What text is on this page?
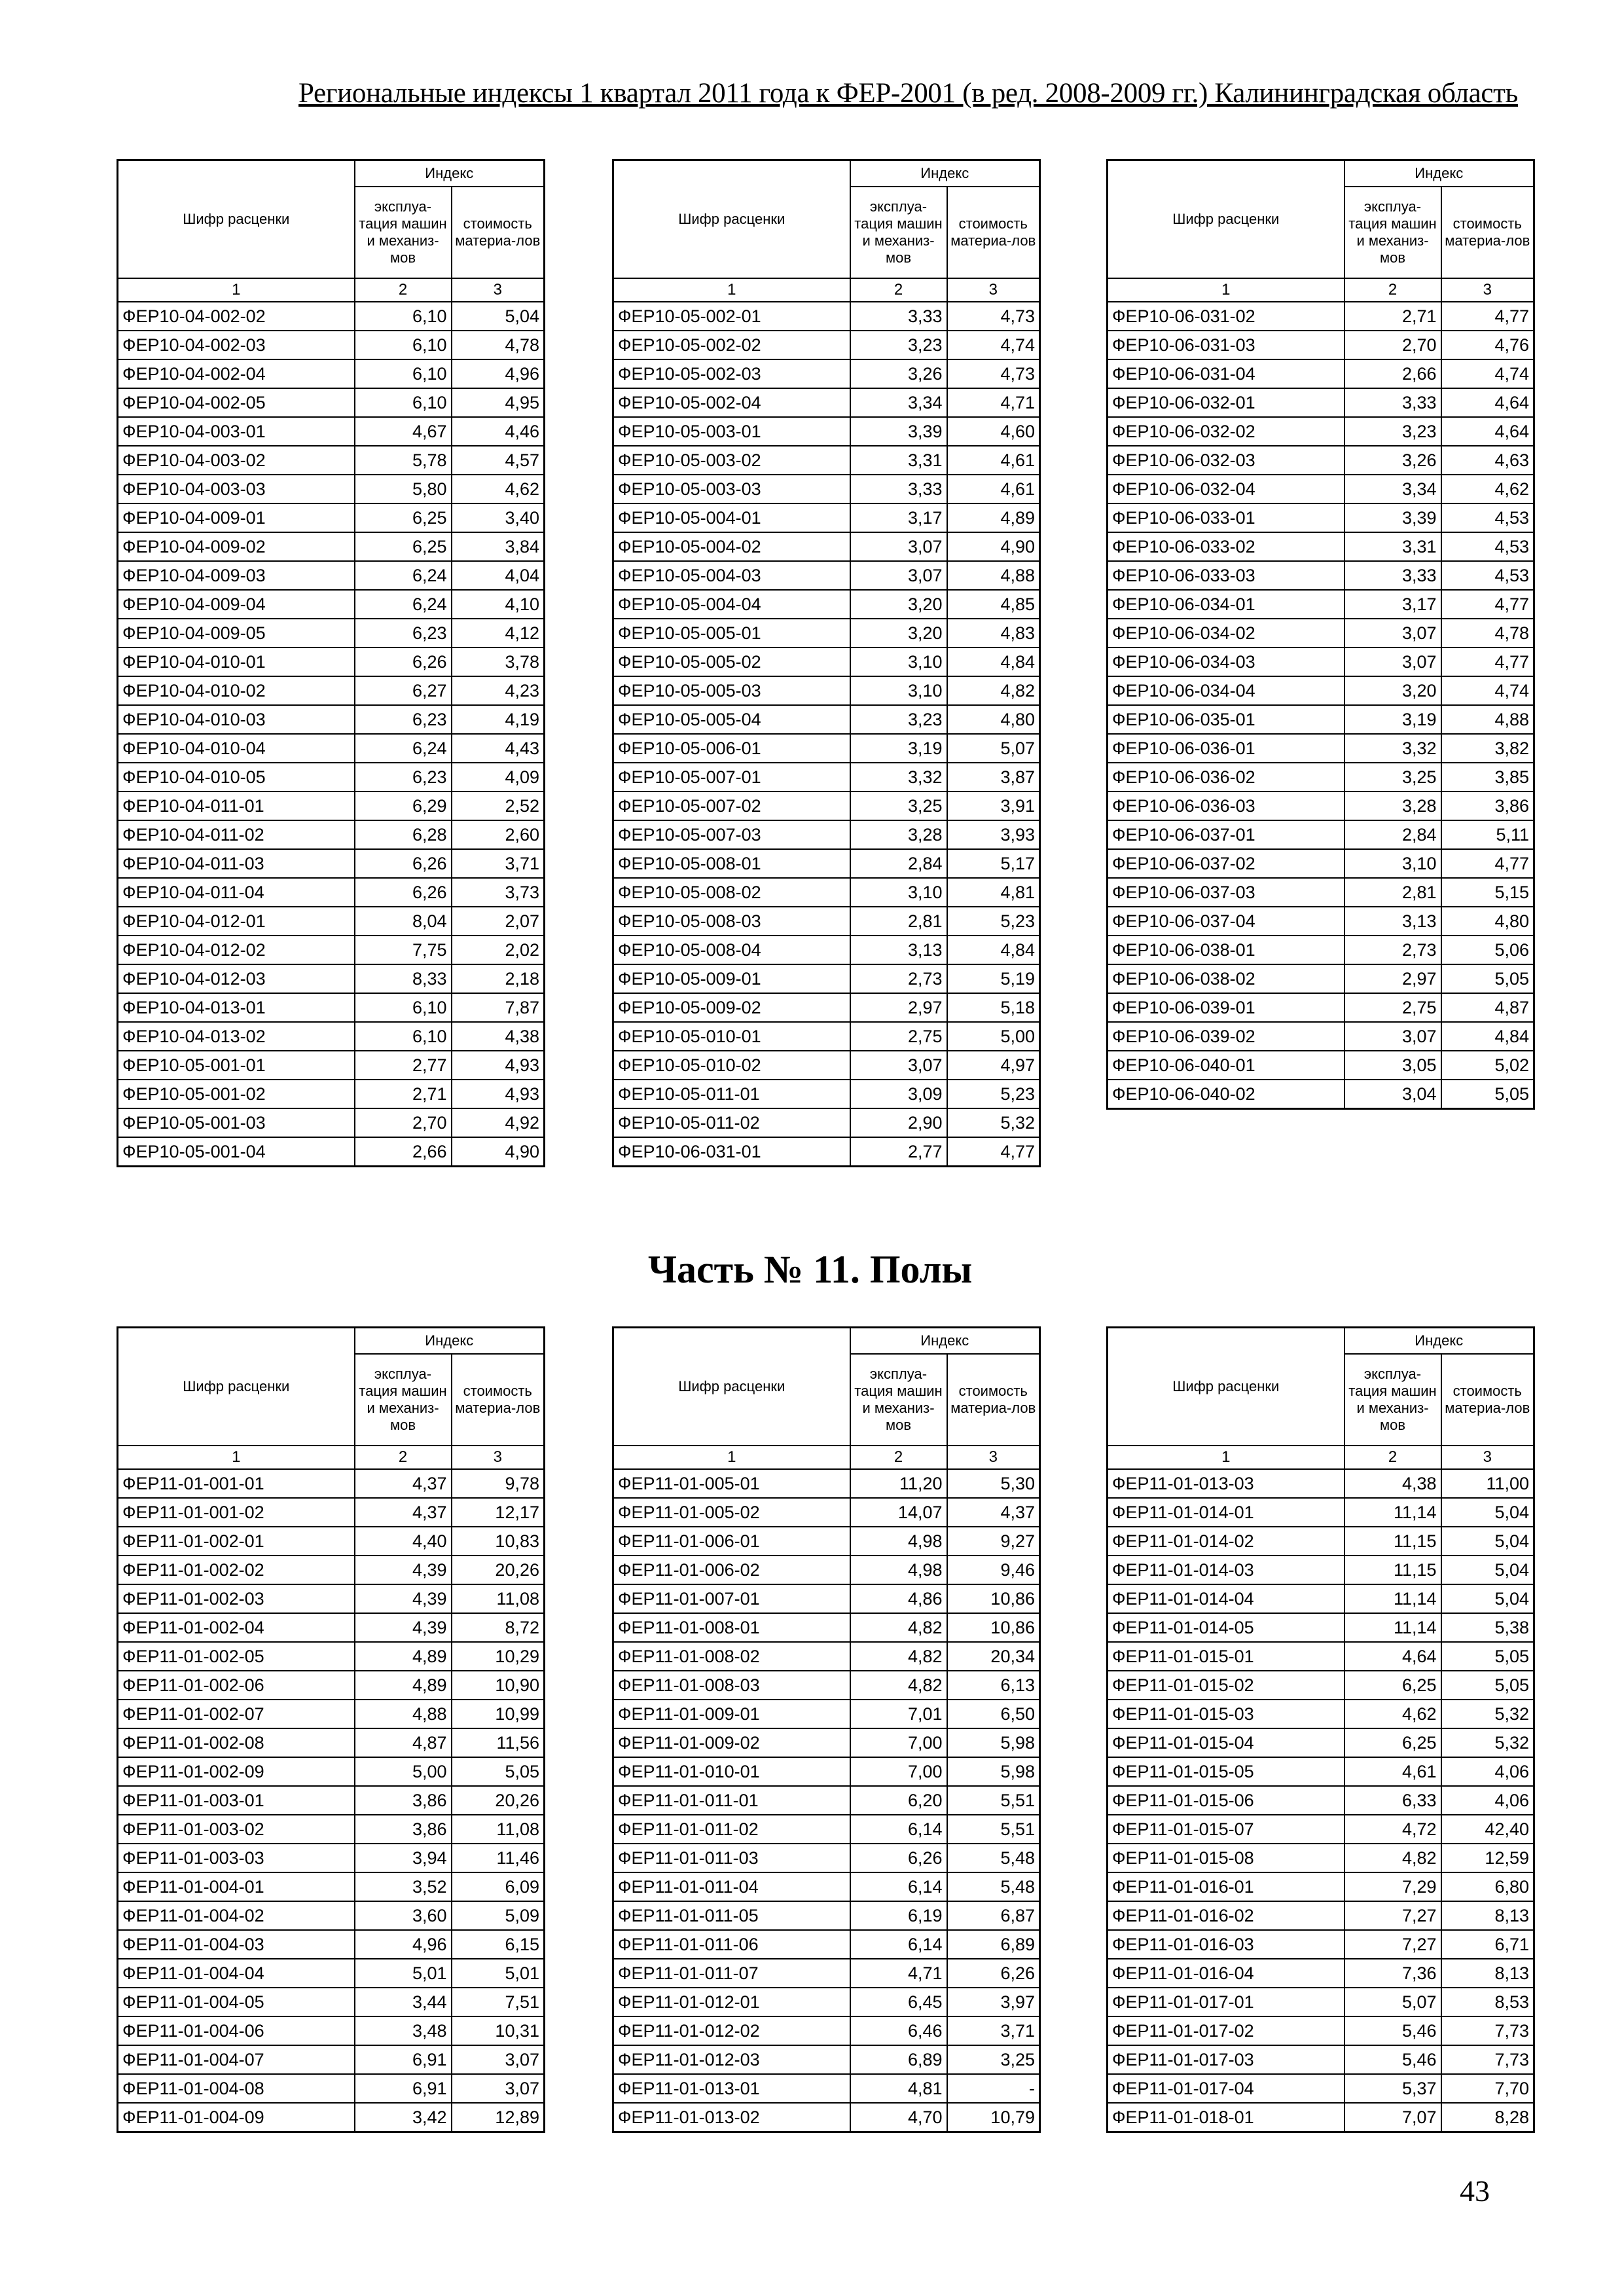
Региональные индексы 1 квартал 2011 года к ФЕР-2001 (в ред. 2008-2009 гг.) Калининградская область
Шифр расценки	Индекс	
	эксплуа-тация машин и механиз-мов	стоимость материа-лов
1	2	3
ФЕР10-04-002-02	6,10	5,04
ФЕР10-04-002-03	6,10	4,78
ФЕР10-04-002-04	6,10	4,96
ФЕР10-04-002-05	6,10	4,95
ФЕР10-04-003-01	4,67	4,46
ФЕР10-04-003-02	5,78	4,57
ФЕР10-04-003-03	5,80	4,62
ФЕР10-04-009-01	6,25	3,40
ФЕР10-04-009-02	6,25	3,84
ФЕР10-04-009-03	6,24	4,04
ФЕР10-04-009-04	6,24	4,10
ФЕР10-04-009-05	6,23	4,12
ФЕР10-04-010-01	6,26	3,78
ФЕР10-04-010-02	6,27	4,23
ФЕР10-04-010-03	6,23	4,19
ФЕР10-04-010-04	6,24	4,43
ФЕР10-04-010-05	6,23	4,09
ФЕР10-04-011-01	6,29	2,52
ФЕР10-04-011-02	6,28	2,60
ФЕР10-04-011-03	6,26	3,71
ФЕР10-04-011-04	6,26	3,73
ФЕР10-04-012-01	8,04	2,07
ФЕР10-04-012-02	7,75	2,02
ФЕР10-04-012-03	8,33	2,18
ФЕР10-04-013-01	6,10	7,87
ФЕР10-04-013-02	6,10	4,38
ФЕР10-05-001-01	2,77	4,93
ФЕР10-05-001-02	2,71	4,93
ФЕР10-05-001-03	2,70	4,92
ФЕР10-05-001-04	2,66	4,90
Шифр расценки	Индекс	
	эксплуа-тация машин и механиз-мов	стоимость материа-лов
1	2	3
ФЕР10-05-002-01	3,33	4,73
ФЕР10-05-002-02	3,23	4,74
ФЕР10-05-002-03	3,26	4,73
ФЕР10-05-002-04	3,34	4,71
ФЕР10-05-003-01	3,39	4,60
ФЕР10-05-003-02	3,31	4,61
ФЕР10-05-003-03	3,33	4,61
ФЕР10-05-004-01	3,17	4,89
ФЕР10-05-004-02	3,07	4,90
ФЕР10-05-004-03	3,07	4,88
ФЕР10-05-004-04	3,20	4,85
ФЕР10-05-005-01	3,20	4,83
ФЕР10-05-005-02	3,10	4,84
ФЕР10-05-005-03	3,10	4,82
ФЕР10-05-005-04	3,23	4,80
ФЕР10-05-006-01	3,19	5,07
ФЕР10-05-007-01	3,32	3,87
ФЕР10-05-007-02	3,25	3,91
ФЕР10-05-007-03	3,28	3,93
ФЕР10-05-008-01	2,84	5,17
ФЕР10-05-008-02	3,10	4,81
ФЕР10-05-008-03	2,81	5,23
ФЕР10-05-008-04	3,13	4,84
ФЕР10-05-009-01	2,73	5,19
ФЕР10-05-009-02	2,97	5,18
ФЕР10-05-010-01	2,75	5,00
ФЕР10-05-010-02	3,07	4,97
ФЕР10-05-011-01	3,09	5,23
ФЕР10-05-011-02	2,90	5,32
ФЕР10-06-031-01	2,77	4,77
Шифр расценки	Индекс	
	эксплуа-тация машин и механиз-мов	стоимость материа-лов
1	2	3
ФЕР10-06-031-02	2,71	4,77
ФЕР10-06-031-03	2,70	4,76
ФЕР10-06-031-04	2,66	4,74
ФЕР10-06-032-01	3,33	4,64
ФЕР10-06-032-02	3,23	4,64
ФЕР10-06-032-03	3,26	4,63
ФЕР10-06-032-04	3,34	4,62
ФЕР10-06-033-01	3,39	4,53
ФЕР10-06-033-02	3,31	4,53
ФЕР10-06-033-03	3,33	4,53
ФЕР10-06-034-01	3,17	4,77
ФЕР10-06-034-02	3,07	4,78
ФЕР10-06-034-03	3,07	4,77
ФЕР10-06-034-04	3,20	4,74
ФЕР10-06-035-01	3,19	4,88
ФЕР10-06-036-01	3,32	3,82
ФЕР10-06-036-02	3,25	3,85
ФЕР10-06-036-03	3,28	3,86
ФЕР10-06-037-01	2,84	5,11
ФЕР10-06-037-02	3,10	4,77
ФЕР10-06-037-03	2,81	5,15
ФЕР10-06-037-04	3,13	4,80
ФЕР10-06-038-01	2,73	5,06
ФЕР10-06-038-02	2,97	5,05
ФЕР10-06-039-01	2,75	4,87
ФЕР10-06-039-02	3,07	4,84
ФЕР10-06-040-01	3,05	5,02
ФЕР10-06-040-02	3,04	5,05
Часть № 11. Полы
Шифр расценки	Индекс	
	эксплуа-тация машин и механиз-мов	стоимость материа-лов
1	2	3
ФЕР11-01-001-01	4,37	9,78
ФЕР11-01-001-02	4,37	12,17
ФЕР11-01-002-01	4,40	10,83
ФЕР11-01-002-02	4,39	20,26
ФЕР11-01-002-03	4,39	11,08
ФЕР11-01-002-04	4,39	8,72
ФЕР11-01-002-05	4,89	10,29
ФЕР11-01-002-06	4,89	10,90
ФЕР11-01-002-07	4,88	10,99
ФЕР11-01-002-08	4,87	11,56
ФЕР11-01-002-09	5,00	5,05
ФЕР11-01-003-01	3,86	20,26
ФЕР11-01-003-02	3,86	11,08
ФЕР11-01-003-03	3,94	11,46
ФЕР11-01-004-01	3,52	6,09
ФЕР11-01-004-02	3,60	5,09
ФЕР11-01-004-03	4,96	6,15
ФЕР11-01-004-04	5,01	5,01
ФЕР11-01-004-05	3,44	7,51
ФЕР11-01-004-06	3,48	10,31
ФЕР11-01-004-07	6,91	3,07
ФЕР11-01-004-08	6,91	3,07
ФЕР11-01-004-09	3,42	12,89
Шифр расценки	Индекс	
	эксплуа-тация машин и механиз-мов	стоимость материа-лов
1	2	3
ФЕР11-01-005-01	11,20	5,30
ФЕР11-01-005-02	14,07	4,37
ФЕР11-01-006-01	4,98	9,27
ФЕР11-01-006-02	4,98	9,46
ФЕР11-01-007-01	4,86	10,86
ФЕР11-01-008-01	4,82	10,86
ФЕР11-01-008-02	4,82	20,34
ФЕР11-01-008-03	4,82	6,13
ФЕР11-01-009-01	7,01	6,50
ФЕР11-01-009-02	7,00	5,98
ФЕР11-01-010-01	7,00	5,98
ФЕР11-01-011-01	6,20	5,51
ФЕР11-01-011-02	6,14	5,51
ФЕР11-01-011-03	6,26	5,48
ФЕР11-01-011-04	6,14	5,48
ФЕР11-01-011-05	6,19	6,87
ФЕР11-01-011-06	6,14	6,89
ФЕР11-01-011-07	4,71	6,26
ФЕР11-01-012-01	6,45	3,97
ФЕР11-01-012-02	6,46	3,71
ФЕР11-01-012-03	6,89	3,25
ФЕР11-01-013-01	4,81	-
ФЕР11-01-013-02	4,70	10,79
Шифр расценки	Индекс	
	эксплуа-тация машин и механиз-мов	стоимость материа-лов
1	2	3
ФЕР11-01-013-03	4,38	11,00
ФЕР11-01-014-01	11,14	5,04
ФЕР11-01-014-02	11,15	5,04
ФЕР11-01-014-03	11,15	5,04
ФЕР11-01-014-04	11,14	5,04
ФЕР11-01-014-05	11,14	5,38
ФЕР11-01-015-01	4,64	5,05
ФЕР11-01-015-02	6,25	5,05
ФЕР11-01-015-03	4,62	5,32
ФЕР11-01-015-04	6,25	5,32
ФЕР11-01-015-05	4,61	4,06
ФЕР11-01-015-06	6,33	4,06
ФЕР11-01-015-07	4,72	42,40
ФЕР11-01-015-08	4,82	12,59
ФЕР11-01-016-01	7,29	6,80
ФЕР11-01-016-02	7,27	8,13
ФЕР11-01-016-03	7,27	6,71
ФЕР11-01-016-04	7,36	8,13
ФЕР11-01-017-01	5,07	8,53
ФЕР11-01-017-02	5,46	7,73
ФЕР11-01-017-03	5,46	7,73
ФЕР11-01-017-04	5,37	7,70
ФЕР11-01-018-01	7,07	8,28
43
